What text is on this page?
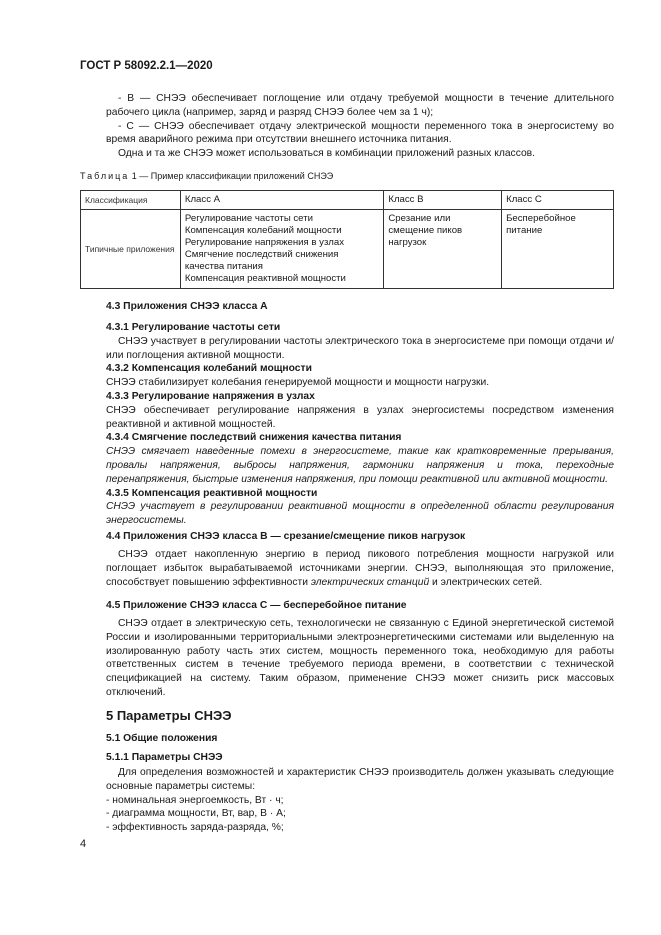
ГОСТ Р 58092.2.1—2020

- В — СНЭЭ обеспечивает поглощение или отдачу требуемой мощности в течение длительного рабочего цикла (например, заряд и разряд СНЭЭ более чем за 1 ч);

- С — СНЭЭ обеспечивает отдачу электрической мощности переменного тока в энергосистему во время аварийного режима при отсутствии внешнего источника питания.

Одна и та же СНЭЭ может использоваться в комбинации приложений разных классов.

Таблица 1 — Пример классификации приложений СНЭЭ
Классификация	Класс А	Класс В	Класс С
Типичные приложения	Регулирование частоты сети
Компенсация колебаний мощности
Регулирование напряжения в узлах
Смягчение последствий снижения качества питания
Компенсация реактивной мощности	Срезание или смещение пиков нагрузок	Бесперебойное питание
4.3 Приложения СНЭЭ класса А

4.3.1 Регулирование частоты сети

СНЭЭ участвует в регулировании частоты электрического тока в энергосистеме при помощи отдачи и/или поглощения активной мощности.

4.3.2 Компенсация колебаний мощности

СНЭЭ стабилизирует колебания генерируемой мощности и мощности нагрузки.

4.3.3 Регулирование напряжения в узлах

СНЭЭ обеспечивает регулирование напряжения в узлах энергосистемы посредством изменения реактивной и активной мощностей.

4.3.4 Смягчение последствий снижения качества питания

СНЭЭ смягчает наведенные помехи в энергосистеме, такие как кратковременные прерывания, провалы напряжения, выбросы напряжения, гармоники напряжения и тока, переходные перенапряжения, быстрые изменения напряжения, при помощи реактивной или активной мощности.

4.3.5 Компенсация реактивной мощности

СНЭЭ участвует в регулировании реактивной мощности в определенной области регулирования энергосистемы.

4.4 Приложения СНЭЭ класса В — срезание/смещение пиков нагрузок

СНЭЭ отдает накопленную энергию в период пикового потребления мощности нагрузкой или поглощает избыток вырабатываемой источниками энергии. СНЭЭ, выполняющая это приложение, способствует повышению эффективности электрических станций и электрических сетей.

4.5 Приложение СНЭЭ класса С — бесперебойное питание

СНЭЭ отдает в электрическую сеть, технологически не связанную с Единой энергетической системой России и изолированными территориальными электроэнергетическими системами или выделенную на изолированную работу часть этих систем, мощность переменного тока, необходимую для работы ответственных систем в течение требуемого периода времени, в соответствии с технической спецификацией на систему. Таким образом, применение СНЭЭ может снизить риск массовых отключений.

5 Параметры СНЭЭ
5.1 Общие положения
5.1.1 Параметры СНЭЭ

Для определения возможностей и характеристик СНЭЭ производитель должен указывать следующие основные параметры системы:

- номинальная энергоемкость, Вт · ч;

- диаграмма мощности, Вт, вар, В · А;

- эффективность заряда-разряда, %;

4
